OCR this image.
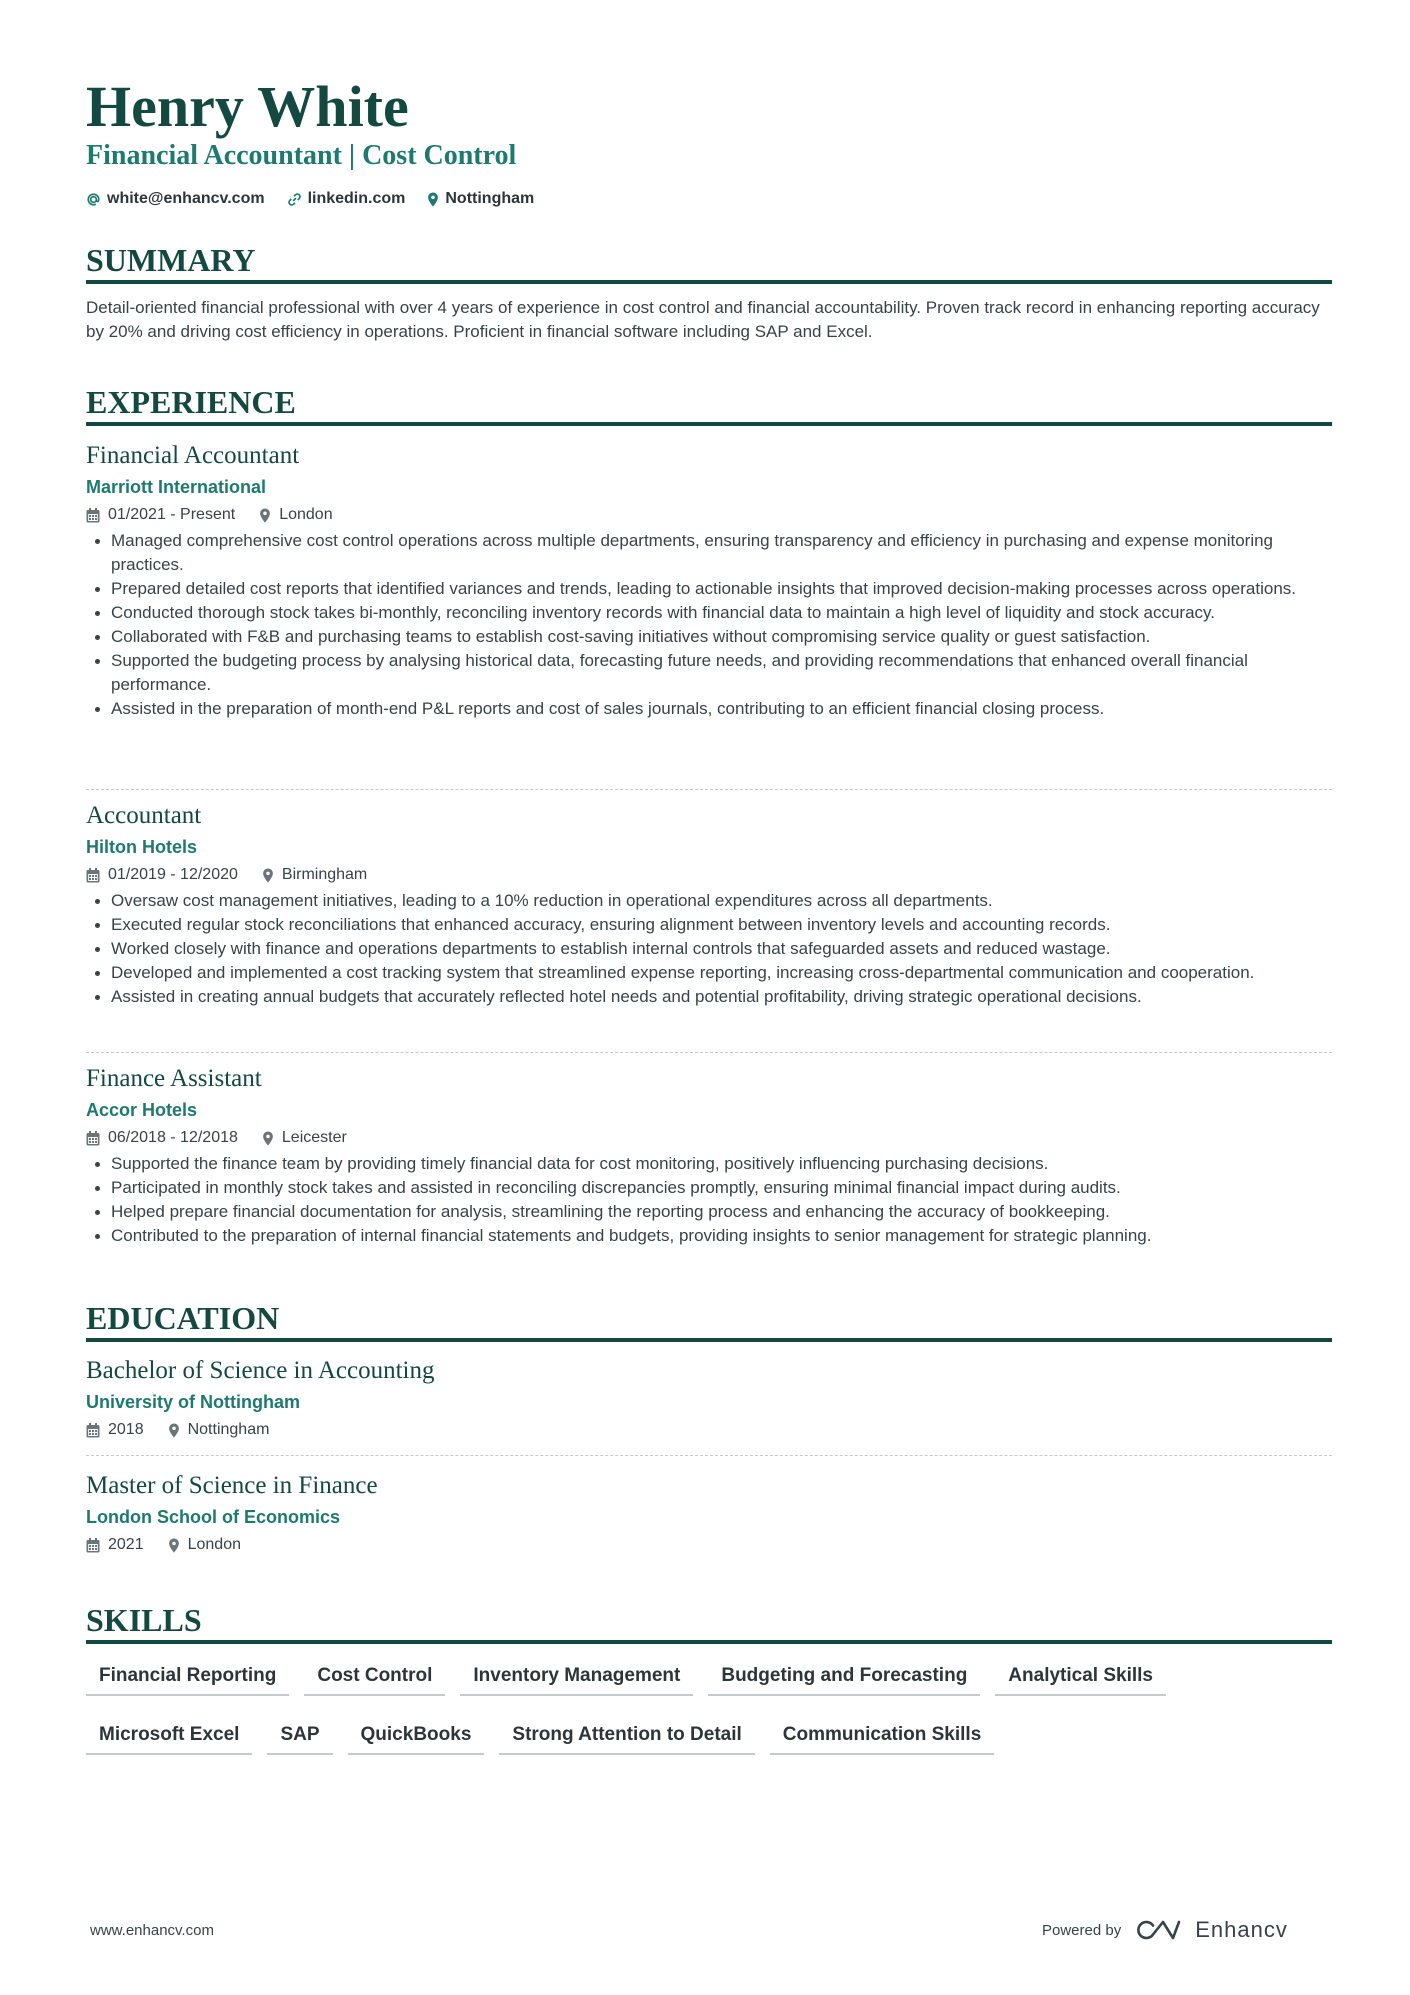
Henry White
Financial Accountant | Cost Control
white@enhancv.com	linkedin.com	Nottingham
SUMMARY
Detail-oriented financial professional with over 4 years of experience in cost control and financial accountability. Proven track record in enhancing reporting accuracy by 20% and driving cost efficiency in operations. Proficient in financial software including SAP and Excel.
EXPERIENCE
Financial Accountant
Marriott International
01/2021 - Present	London
Managed comprehensive cost control operations across multiple departments, ensuring transparency and efficiency in purchasing and expense monitoring practices.
Prepared detailed cost reports that identified variances and trends, leading to actionable insights that improved decision-making processes across operations.
Conducted thorough stock takes bi-monthly, reconciling inventory records with financial data to maintain a high level of liquidity and stock accuracy.
Collaborated with F&B and purchasing teams to establish cost-saving initiatives without compromising service quality or guest satisfaction.
Supported the budgeting process by analysing historical data, forecasting future needs, and providing recommendations that enhanced overall financial performance.
Assisted in the preparation of month-end P&L reports and cost of sales journals, contributing to an efficient financial closing process.
Accountant
Hilton Hotels
01/2019 - 12/2020	Birmingham
Oversaw cost management initiatives, leading to a 10% reduction in operational expenditures across all departments.
Executed regular stock reconciliations that enhanced accuracy, ensuring alignment between inventory levels and accounting records.
Worked closely with finance and operations departments to establish internal controls that safeguarded assets and reduced wastage.
Developed and implemented a cost tracking system that streamlined expense reporting, increasing cross-departmental communication and cooperation.
Assisted in creating annual budgets that accurately reflected hotel needs and potential profitability, driving strategic operational decisions.
Finance Assistant
Accor Hotels
06/2018 - 12/2018	Leicester
Supported the finance team by providing timely financial data for cost monitoring, positively influencing purchasing decisions.
Participated in monthly stock takes and assisted in reconciling discrepancies promptly, ensuring minimal financial impact during audits.
Helped prepare financial documentation for analysis, streamlining the reporting process and enhancing the accuracy of bookkeeping.
Contributed to the preparation of internal financial statements and budgets, providing insights to senior management for strategic planning.
EDUCATION
Bachelor of Science in Accounting
University of Nottingham
2018	Nottingham
Master of Science in Finance
London School of Economics
2021	London
SKILLS
Financial Reporting	Cost Control	Inventory Management	Budgeting and Forecasting	Analytical Skills
Microsoft Excel	SAP	QuickBooks	Strong Attention to Detail	Communication Skills
www.enhancv.com	Powered by	Enhancv
